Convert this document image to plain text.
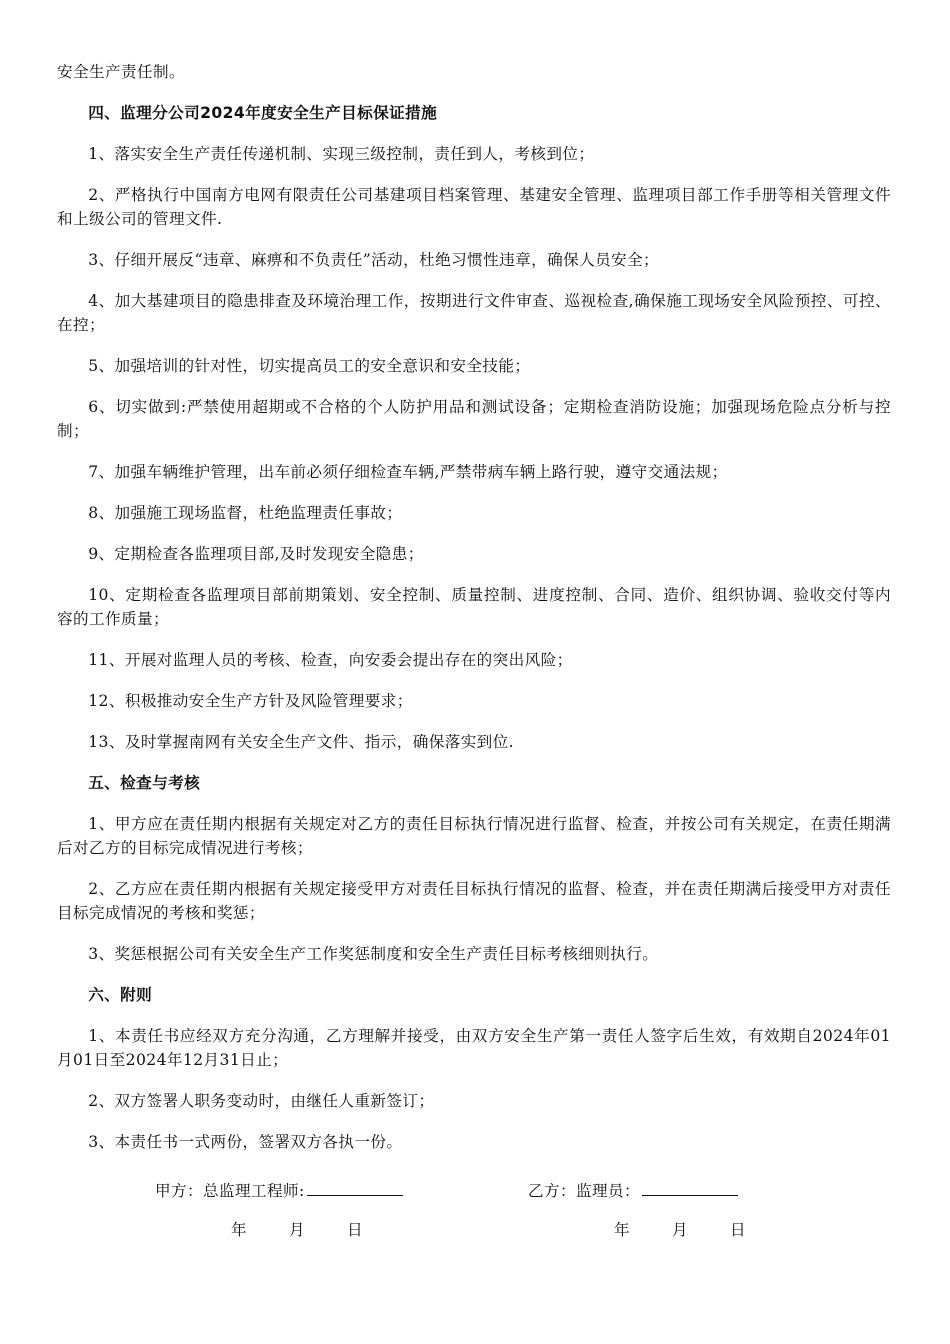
安全生产责任制。

四、监理分公司2024年度安全生产目标保证措施

1、落实安全生产责任传递机制、实现三级控制，责任到人，考核到位；

2、严格执行中国南方电网有限责任公司基建项目档案管理、基建安全管理、监理项目部工作手册等相关管理文件和上级公司的管理文件.

3、仔细开展反“违章、麻痹和不负责任”活动，杜绝习惯性违章，确保人员安全；

4、加大基建项目的隐患排查及环境治理工作，按期进行文件审查、巡视检查,确保施工现场安全风险预控、可控、在控；

5、加强培训的针对性，切实提高员工的安全意识和安全技能；

6、切实做到:严禁使用超期或不合格的个人防护用品和测试设备；定期检查消防设施；加强现场危险点分析与控制；

7、加强车辆维护管理，出车前必须仔细检查车辆,严禁带病车辆上路行驶，遵守交通法规；

8、加强施工现场监督，杜绝监理责任事故；

9、定期检查各监理项目部,及时发现安全隐患；

10、定期检查各监理项目部前期策划、安全控制、质量控制、进度控制、合同、造价、组织协调、验收交付等内容的工作质量；

11、开展对监理人员的考核、检查，向安委会提出存在的突出风险；

12、积极推动安全生产方针及风险管理要求；

13、及时掌握南网有关安全生产文件、指示，确保落实到位.

五、检查与考核

1、甲方应在责任期内根据有关规定对乙方的责任目标执行情况进行监督、检查，并按公司有关规定，在责任期满后对乙方的目标完成情况进行考核；

2、乙方应在责任期内根据有关规定接受甲方对责任目标执行情况的监督、检查，并在责任期满后接受甲方对责任目标完成情况的考核和奖惩；

3、奖惩根据公司有关安全生产工作奖惩制度和安全生产责任目标考核细则执行。

六、附则

1、本责任书应经双方充分沟通，乙方理解并接受，由双方安全生产第一责任人签字后生效，有效期自2024年01月01日至2024年12月31日止；

2、双方签署人职务变动时，由继任人重新签订；

3、本责任书一式两份，签署双方各执一份。

甲方：总监理工程师:	乙方：监理员：
年	月	日	年	月	日
